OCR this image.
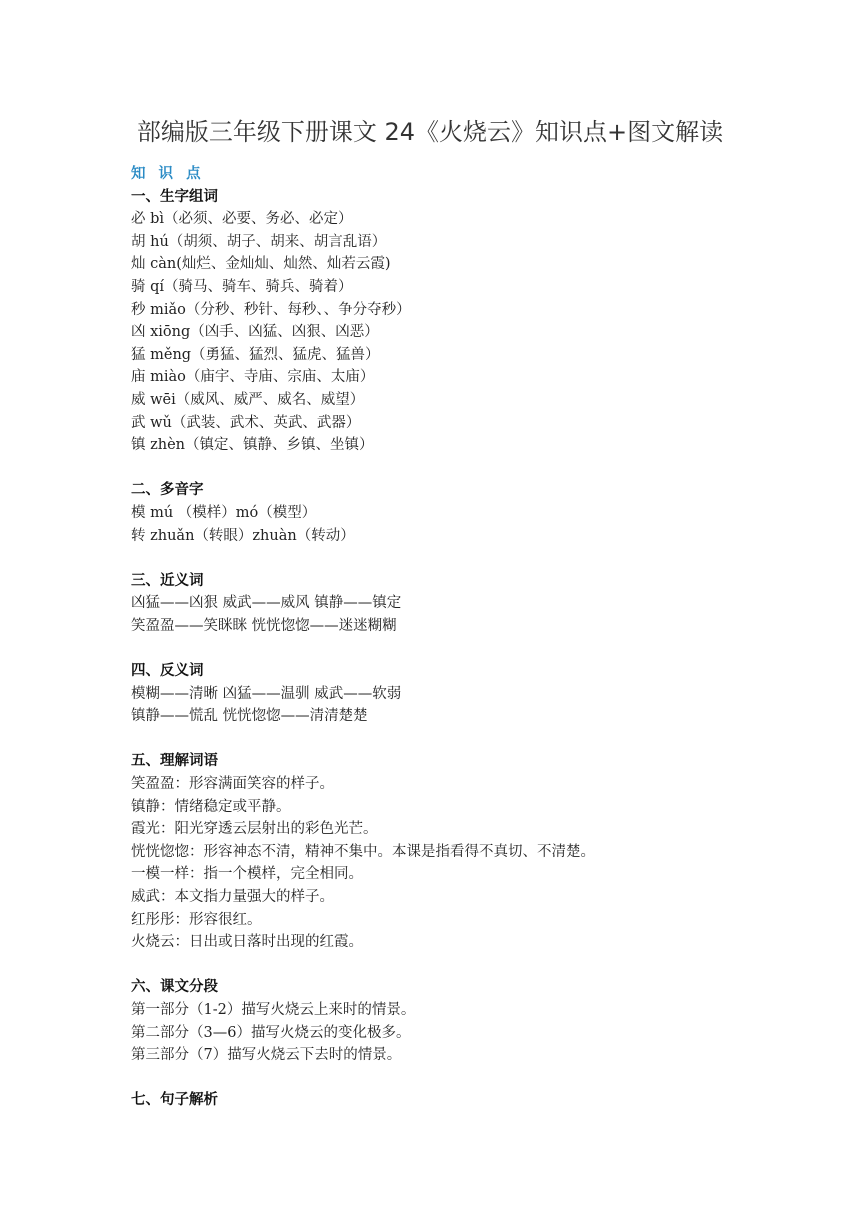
部编版三年级下册课文 24《火烧云》知识点+图文解读
知 识 点
一、生字组词
必 bì（必须、必要、务必、必定）
胡 hú（胡须、胡子、胡来、胡言乱语）
灿 càn(灿烂、金灿灿、灿然、灿若云霞)
骑 qí（骑马、骑车、骑兵、骑着）
秒 miǎo（分秒、秒针、每秒、、争分夺秒）
凶 xiōng（凶手、凶猛、凶狠、凶恶）
猛 měng（勇猛、猛烈、猛虎、猛兽）
庙 miào（庙宇、寺庙、宗庙、太庙）
威 wēi（威风、威严、威名、威望）
武 wǔ（武装、武术、英武、武器）
镇 zhèn（镇定、镇静、乡镇、坐镇）
二、多音字
模 mú （模样）mó（模型）
转 zhuǎn（转眼）zhuàn（转动）
三、近义词
凶猛——凶狠 威武——威风 镇静——镇定
笑盈盈——笑眯眯 恍恍惚惚——迷迷糊糊
四、反义词
模糊——清晰 凶猛——温驯 威武——软弱
镇静——慌乱 恍恍惚惚——清清楚楚
五、理解词语
笑盈盈：形容满面笑容的样子。
镇静：情绪稳定或平静。
霞光：阳光穿透云层射出的彩色光芒。
恍恍惚惚：形容神态不清，精神不集中。本课是指看得不真切、不清楚。
一模一样：指一个模样，完全相同。
威武：本文指力量强大的样子。
红彤彤：形容很红。
火烧云：日出或日落时出现的红霞。
六、课文分段
第一部分（1-2）描写火烧云上来时的情景。
第二部分（3—6）描写火烧云的变化极多。
第三部分（7）描写火烧云下去时的情景。
七、句子解析
